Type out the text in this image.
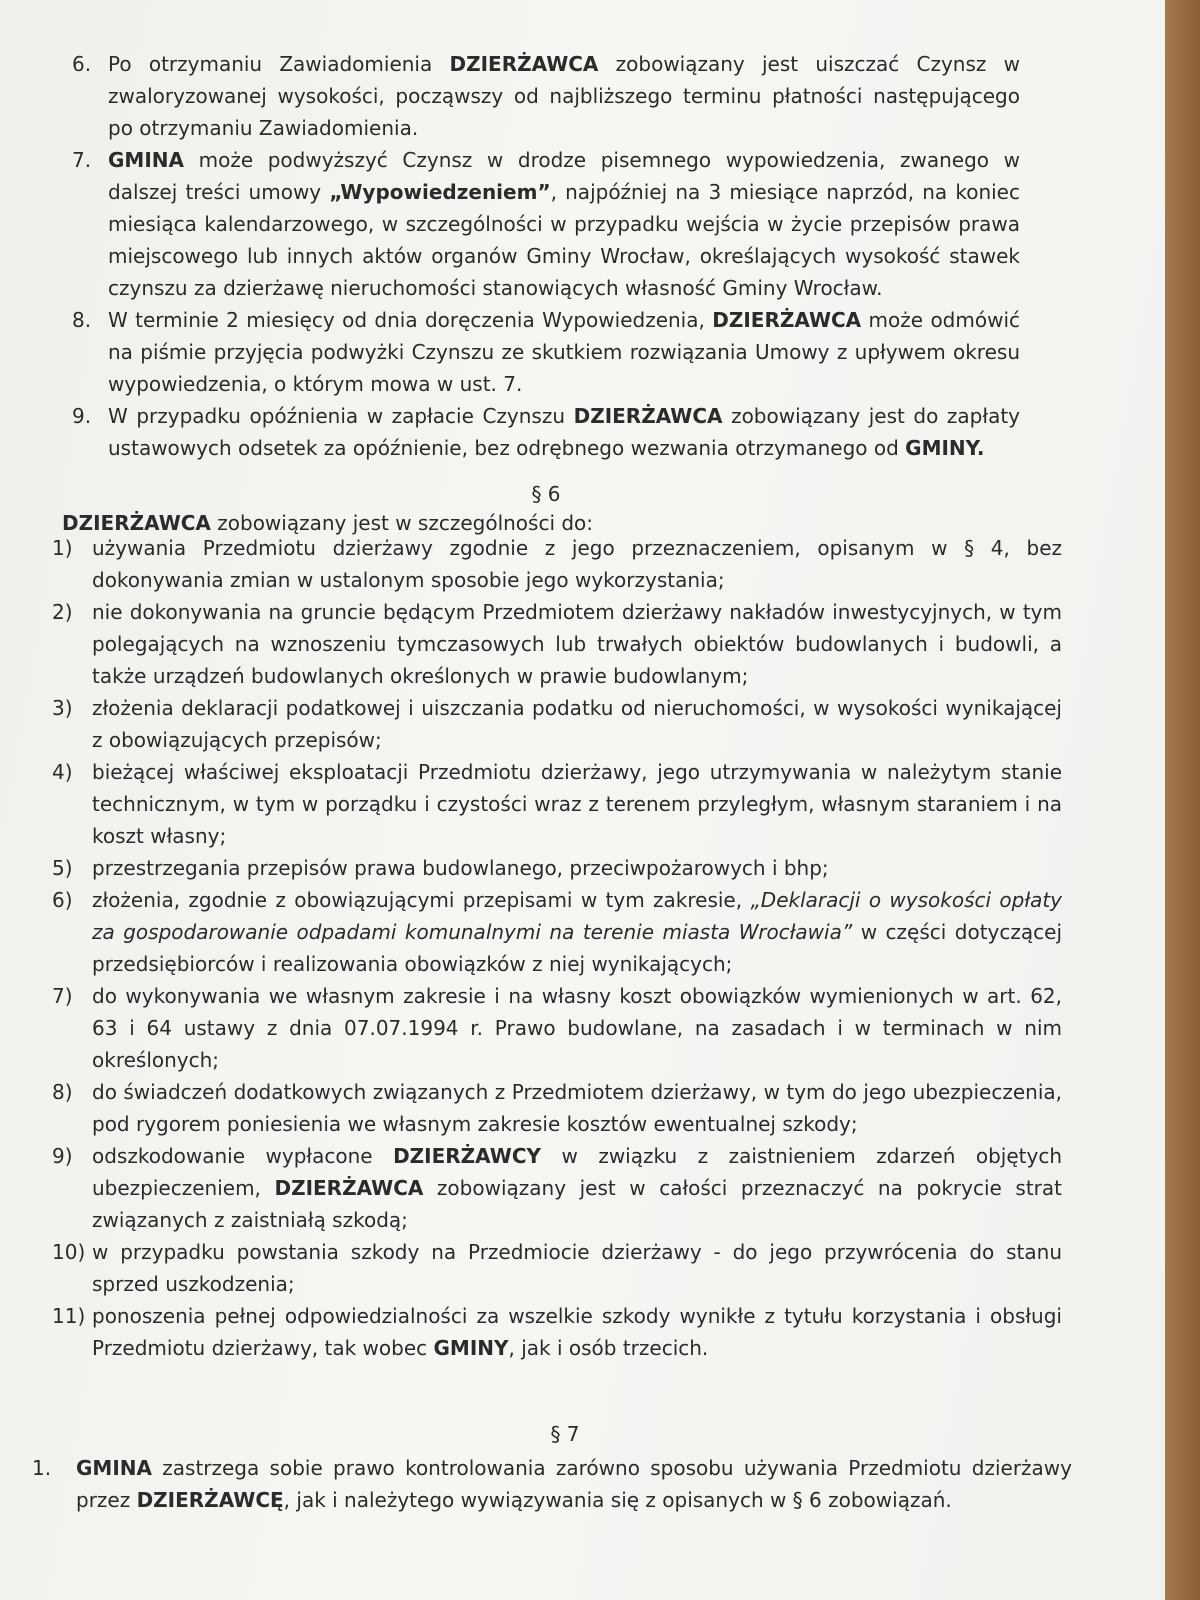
6. Po otrzymaniu Zawiadomienia DZIERŻAWCA zobowiązany jest uiszczać Czynsz w zwaloryzowanej wysokości, począwszy od najbliższego terminu płatności następującego po otrzymaniu Zawiadomienia.
7. GMINA może podwyższyć Czynsz w drodze pisemnego wypowiedzenia, zwanego w dalszej treści umowy „Wypowiedzeniem”, najpóźniej na 3 miesiące naprzód, na koniec miesiąca kalendarzowego, w szczególności w przypadku wejścia w życie przepisów prawa miejscowego lub innych aktów organów Gminy Wrocław, określających wysokość stawek czynszu za dzierżawę nieruchomości stanowiących własność Gminy Wrocław.
8. W terminie 2 miesięcy od dnia doręczenia Wypowiedzenia, DZIERŻAWCA może odmówić na piśmie przyjęcia podwyżki Czynszu ze skutkiem rozwiązania Umowy z upływem okresu wypowiedzenia, o którym mowa w ust. 7.
9. W przypadku opóźnienia w zapłacie Czynszu DZIERŻAWCA zobowiązany jest do zapłaty ustawowych odsetek za opóźnienie, bez odrębnego wezwania otrzymanego od GMINY.
§ 6
DZIERŻAWCA zobowiązany jest w szczególności do:
1) używania Przedmiotu dzierżawy zgodnie z jego przeznaczeniem, opisanym w § 4, bez dokonywania zmian w ustalonym sposobie jego wykorzystania;
2) nie dokonywania na gruncie będącym Przedmiotem dzierżawy nakładów inwestycyjnych, w tym polegających na wznoszeniu tymczasowych lub trwałych obiektów budowlanych i budowli, a także urządzeń budowlanych określonych w prawie budowlanym;
3) złożenia deklaracji podatkowej i uiszczania podatku od nieruchomości, w wysokości wynikającej z obowiązujących przepisów;
4) bieżącej właściwej eksploatacji Przedmiotu dzierżawy, jego utrzymywania w należytym stanie technicznym, w tym w porządku i czystości wraz z terenem przyległym, własnym staraniem i na koszt własny;
5) przestrzegania przepisów prawa budowlanego, przeciwpożarowych i bhp;
6) złożenia, zgodnie z obowiązującymi przepisami w tym zakresie, „Deklaracji o wysokości opłaty za gospodarowanie odpadami komunalnymi na terenie miasta Wrocławia” w części dotyczącej przedsiębiorców i realizowania obowiązków z niej wynikających;
7) do wykonywania we własnym zakresie i na własny koszt obowiązków wymienionych w art. 62, 63 i 64 ustawy z dnia 07.07.1994 r. Prawo budowlane, na zasadach i w terminach w nim określonych;
8) do świadczeń dodatkowych związanych z Przedmiotem dzierżawy, w tym do jego ubezpieczenia, pod rygorem poniesienia we własnym zakresie kosztów ewentualnej szkody;
9) odszkodowanie wypłacone DZIERŻAWCY w związku z zaistnieniem zdarzeń objętych ubezpieczeniem, DZIERŻAWCA zobowiązany jest w całości przeznaczyć na pokrycie strat związanych z zaistniałą szkodą;
10) w przypadku powstania szkody na Przedmiocie dzierżawy - do jego przywrócenia do stanu sprzed uszkodzenia;
11) ponoszenia pełnej odpowiedzialności za wszelkie szkody wynikłe z tytułu korzystania i obsługi Przedmiotu dzierżawy, tak wobec GMINY, jak i osób trzecich.
§ 7
1.	GMINA zastrzega sobie prawo kontrolowania zarówno sposobu używania Przedmiotu dzierżawy przez DZIERŻAWCĘ, jak i należytego wywiązywania się z opisanych w § 6 zobowiązań.
